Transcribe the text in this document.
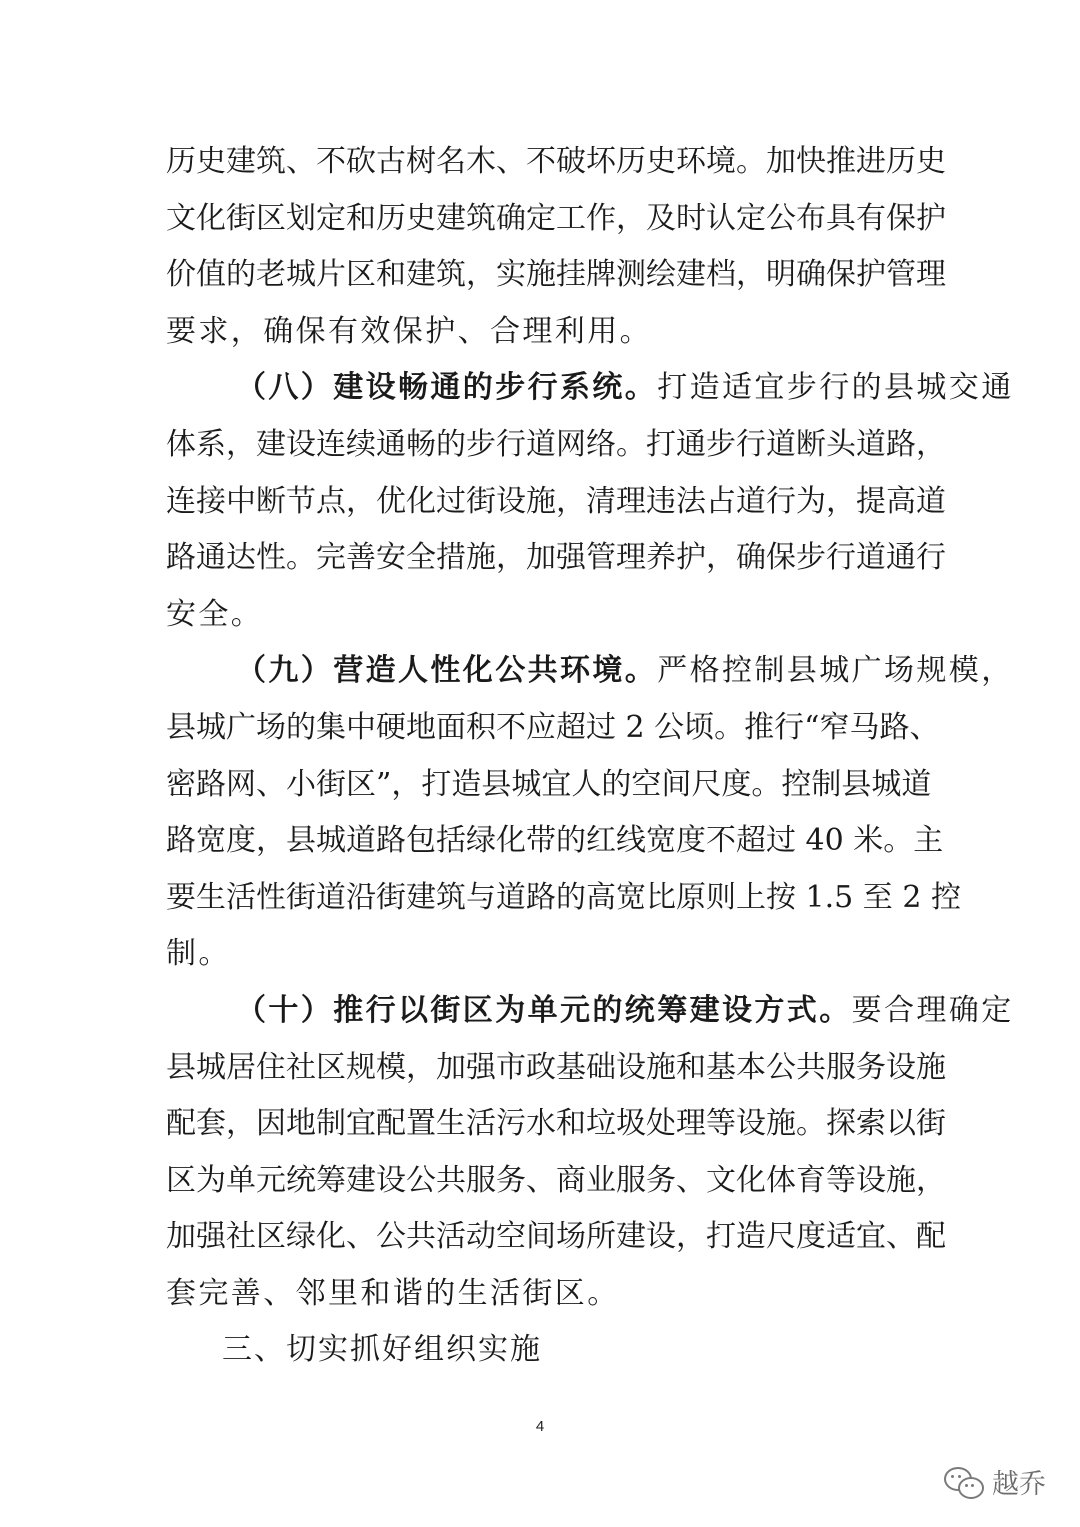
历史建筑、不砍古树名木、不破坏历史环境。加快推进历史
文化街区划定和历史建筑确定工作，及时认定公布具有保护
价值的老城片区和建筑，实施挂牌测绘建档，明确保护管理
要求，确保有效保护、合理利用。
（八）建设畅通的步行系统。打造适宜步行的县城交通
体系，建设连续通畅的步行道网络。打通步行道断头道路，
连接中断节点，优化过街设施，清理违法占道行为，提高道
路通达性。完善安全措施，加强管理养护，确保步行道通行
安全。
（九）营造人性化公共环境。严格控制县城广场规模，
县城广场的集中硬地面积不应超过 2 公顷。推行“窄马路、
密路网、小街区”，打造县城宜人的空间尺度。控制县城道
路宽度，县城道路包括绿化带的红线宽度不超过 40 米。主
要生活性街道沿街建筑与道路的高宽比原则上按 1.5 至 2 控
制。
（十）推行以街区为单元的统筹建设方式。要合理确定
县城居住社区规模，加强市政基础设施和基本公共服务设施
配套，因地制宜配置生活污水和垃圾处理等设施。探索以街
区为单元统筹建设公共服务、商业服务、文化体育等设施，
加强社区绿化、公共活动空间场所建设，打造尺度适宜、配
套完善、邻里和谐的生活街区。
三、切实抓好组织实施
4
越乔
